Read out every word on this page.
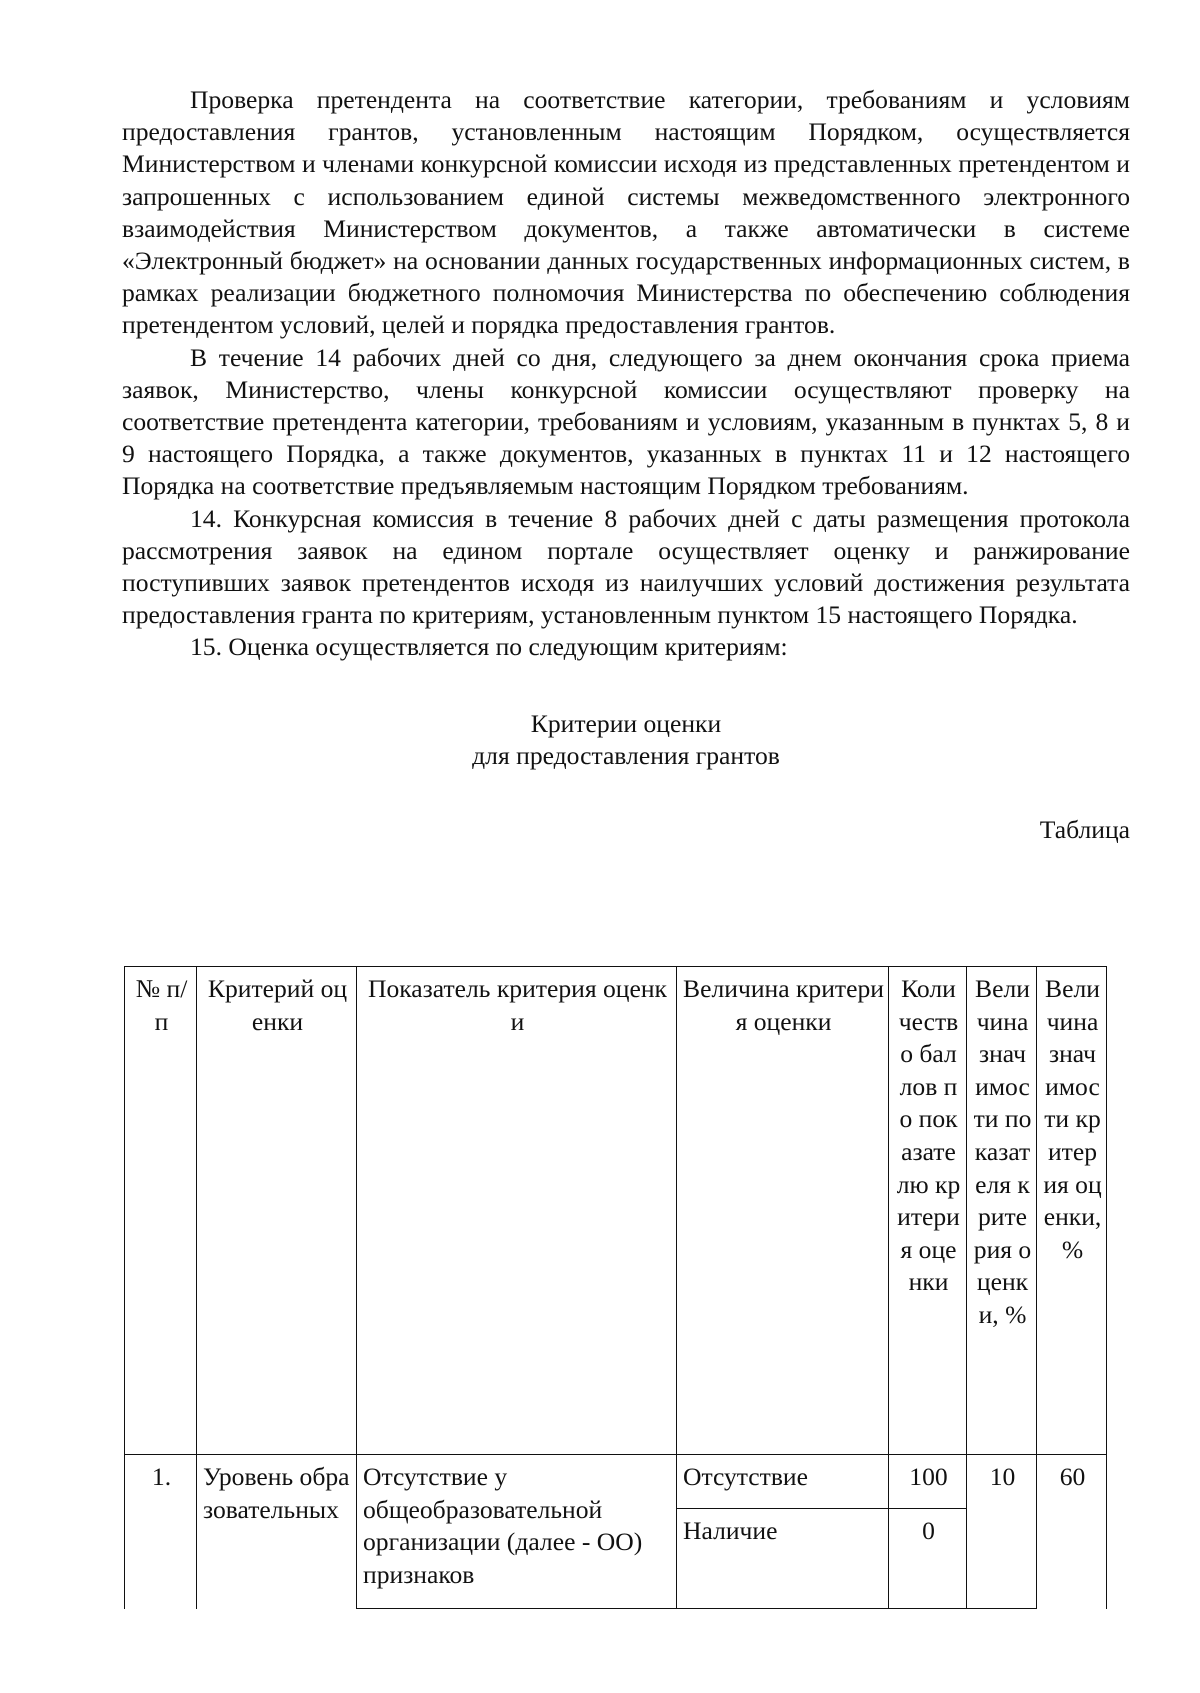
Проверка претендента на соответствие категории, требованиям и условиям предоставления грантов, установленным настоящим Порядком, осуществляется Министерством и членами конкурсной комиссии исходя из представленных претендентом и запрошенных с использованием единой системы межведомственного электронного взаимодействия Министерством документов, а также автоматически в системе «Электронный бюджет» на основании данных государственных информационных систем, в рамках реализации бюджетного полномочия Министерства по обеспечению соблюдения претендентом условий, целей и порядка предоставления грантов.

В течение 14 рабочих дней со дня, следующего за днем окончания срока приема заявок, Министерство, члены конкурсной комиссии осуществляют проверку на соответствие претендента категории, требованиям и условиям, указанным в пунктах 5, 8 и 9 настоящего Порядка, а также документов, указанных в пунктах 11 и 12 настоящего Порядка на соответствие предъявляемым настоящим Порядком требованиям.

14. Конкурсная комиссия в течение 8 рабочих дней с даты размещения протокола рассмотрения заявок на едином портале осуществляет оценку и ранжирование поступивших заявок претендентов исходя из наилучших условий достижения результата предоставления гранта по критериям, установленным пунктом 15 настоящего Порядка.

15. Оценка осуществляется по следующим критериям:

Критерии оценки
для предоставления грантов
Таблица
№ п/п	Критерий оценки	Показатель критерия оценки	Величина критерия оценки	Количество баллов по показателю критерия оценки	Величина значимости показателя критерия оценки, %	Величина значимости критерия оценки, %
1.	Уровень образовательных	Отсутствие у общеобразовательной организации (далее - ОО) признаков	Отсутствие	100	10	60
			Наличие	0		
